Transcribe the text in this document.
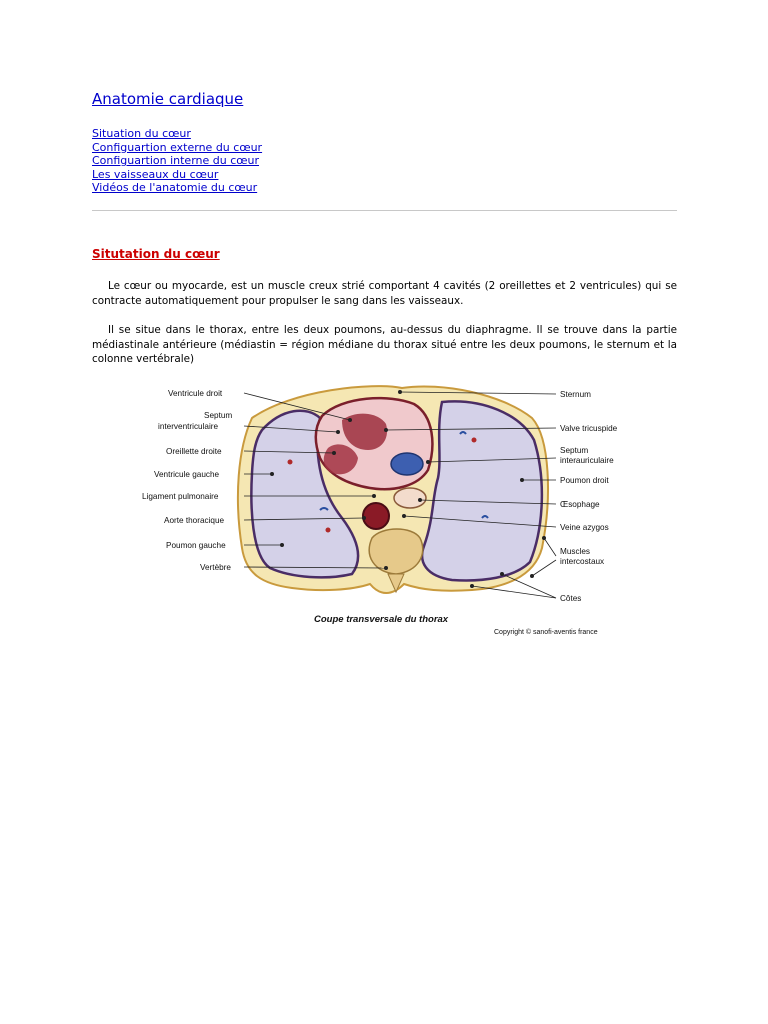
Anatomie cardiaque
Situation du cœur
Configuartion externe du cœur
Configuartion interne du cœur
Les vaisseaux du cœur
Vidéos de l'anatomie du cœur
Situtation du cœur

Le cœur ou myocarde, est un muscle creux strié comportant 4 cavités (2 oreillettes et 2 ventricules) qui se contracte automatiquement pour propulser le sang dans les vaisseaux.

Il se situe dans le thorax, entre les deux poumons, au-dessus du diaphragme. Il se trouve dans la partie médiastinale antérieure (médiastin = région médiane du thorax situé entre les deux poumons, le sternum et la colonne vertébrale)

Ventricule droit
Septum
interventriculaire
Oreillette droite
Ventricule gauche
Ligament pulmonaire
Aorte thoracique
Poumon gauche
Vertèbre
Sternum
Valve tricuspide
Septum
interauriculaire
Poumon droit
Œsophage
Veine azygos
Muscles
intercostaux
Côtes
Coupe transversale du thorax
Copyright © sanofi-aventis france
